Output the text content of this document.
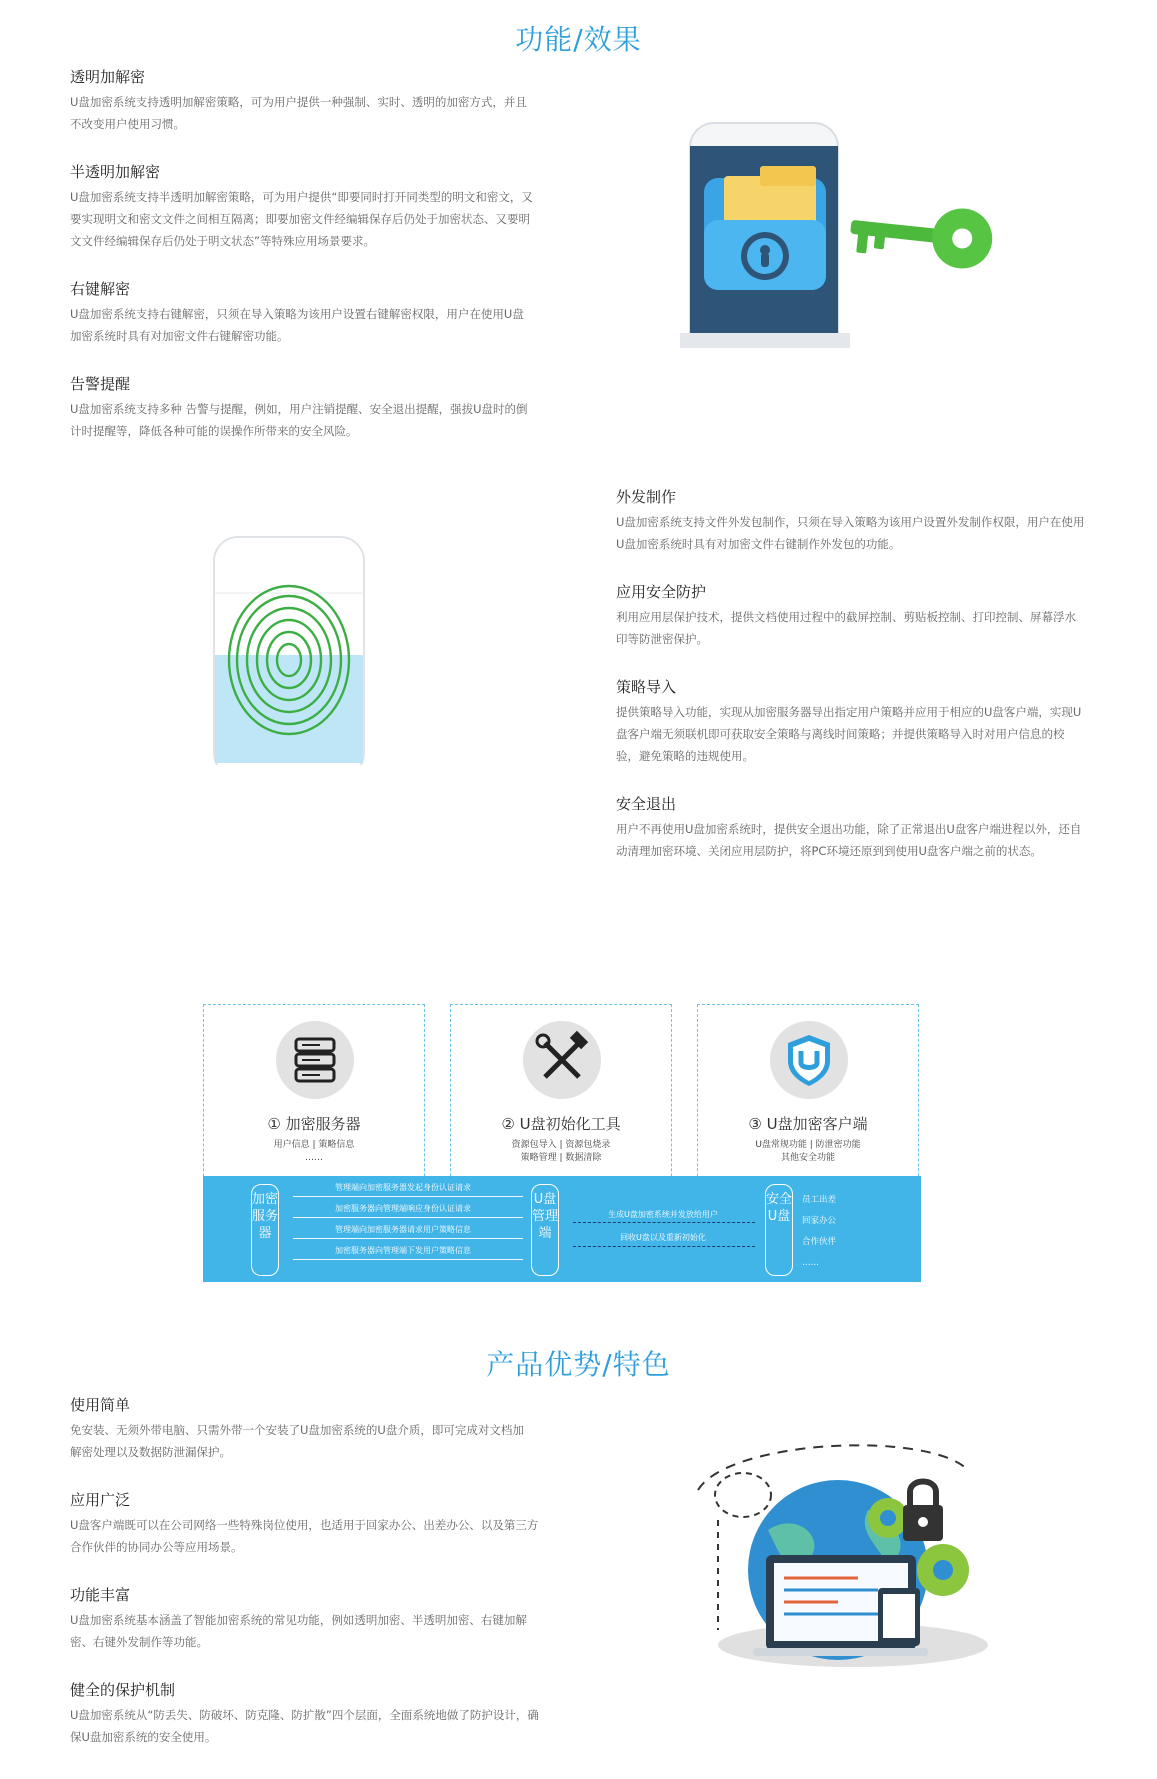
功能/效果
透明加解密

U盘加密系统支持透明加解密策略，可为用户提供一种强制、实时、透明的加密方式，并且不改变用户使用习惯。

半透明加解密

U盘加密系统支持半透明加解密策略，可为用户提供“即要同时打开同类型的明文和密文，又要实现明文和密文文件之间相互隔离；即要加密文件经编辑保存后仍处于加密状态、又要明文文件经编辑保存后仍处于明文状态”等特殊应用场景要求。

右键解密

U盘加密系统支持右键解密，只须在导入策略为该用户设置右键解密权限，用户在使用U盘加密系统时具有对加密文件右键解密功能。

告警提醒

U盘加密系统支持多种 告警与提醒，例如，用户注销提醒、安全退出提醒，强拔U盘时的倒计时提醒等，降低各种可能的误操作所带来的安全风险。

外发制作

U盘加密系统支持文件外发包制作，只须在导入策略为该用户设置外发制作权限，用户在使用U盘加密系统时具有对加密文件右键制作外发包的功能。

应用安全防护

利用应用层保护技术，提供文档使用过程中的截屏控制、剪贴板控制、打印控制、屏幕浮水印等防泄密保护。

策略导入

提供策略导入功能，实现从加密服务器导出指定用户策略并应用于相应的U盘客户端，实现U盘客户端无须联机即可获取安全策略与离线时间策略；并提供策略导入时对用户信息的校验，避免策略的违规使用。

安全退出

用户不再使用U盘加密系统时，提供安全退出功能，除了正常退出U盘客户端进程以外，还自动清理加密环境、关闭应用层防护，将PC环境还原到到使用U盘客户端之前的状态。

① 加密服务器
用户信息 | 策略信息
……
② U盘初始化工具
资源包导入 | 资源包烧录
策略管理 | 数据清除
③ U盘加密客户端
U盘常规功能 | 防泄密功能
其他安全功能
加密服务器
U盘管理端
安全U盘
管理端向加密服务器发起身份认证请求
加密服务器向管理端响应身份认证请求
管理端向加密服务器请求用户策略信息
加密服务器向管理端下发用户策略信息
生成U盘加密系统并发放给用户
回收U盘以及重新初始化
员工出差
回家办公
合作伙伴
……
产品优势/特色
使用简单

免安装、无须外带电脑、只需外带一个安装了U盘加密系统的U盘介质，即可完成对文档加解密处理以及数据防泄漏保护。

应用广泛

U盘客户端既可以在公司网络一些特殊岗位使用，也适用于回家办公、出差办公、以及第三方合作伙伴的协同办公等应用场景。

功能丰富

U盘加密系统基本涵盖了智能加密系统的常见功能，例如透明加密、半透明加密、右键加解密、右键外发制作等功能。

健全的保护机制

U盘加密系统从“防丢失、防破坏、防克隆、防扩散”四个层面，全面系统地做了防护设计，确保U盘加密系统的安全使用。
